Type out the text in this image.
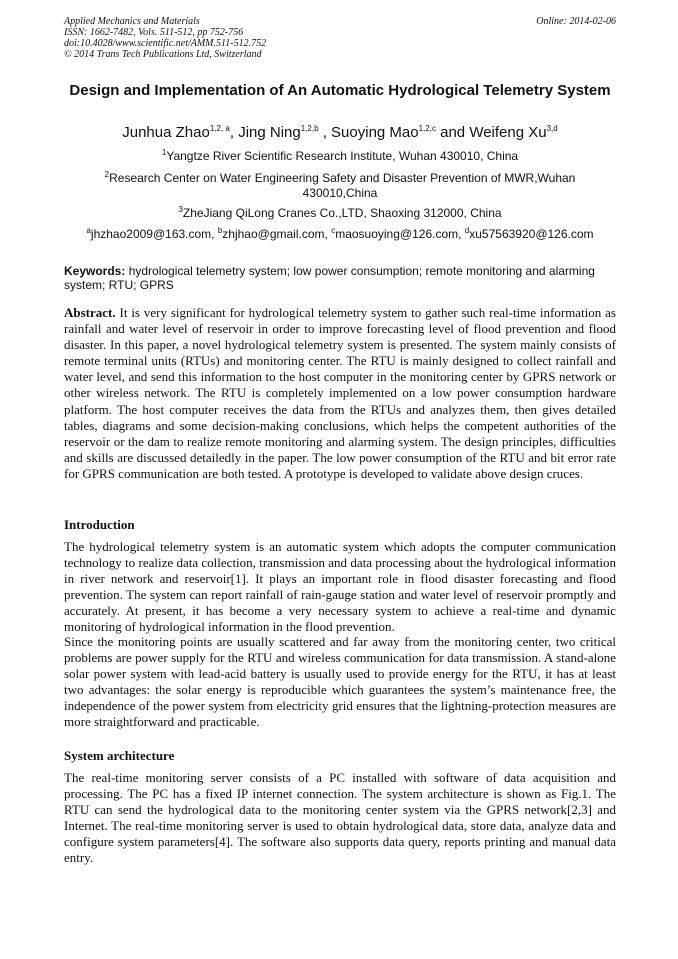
Applied Mechanics and Materials
ISSN: 1662-7482, Vols. 511-512, pp 752-756
doi:10.4028/www.scientific.net/AMM.511-512.752
© 2014 Trans Tech Publications Ltd, Switzerland
Online: 2014-02-06
Design and Implementation of An Automatic Hydrological Telemetry System
Junhua Zhao$^{1,2, a}$, Jing Ning$^{1,2,b}$ , Suoying Mao$^{1,2,c}$ and Weifeng Xu$^{3,d}$
$^1$Yangtze River Scientific Research Institute, Wuhan 430010, China
$^2$Research Center on Water Engineering Safety and Disaster Prevention of MWR,Wuhan 430010,China
$^3$ZheJiang QiLong Cranes Co.,LTD, Shaoxing 312000, China
$^a$jhzhao2009@163.com, $^b$zhjhao@gmail.com, $^c$maosuoying@126.com, $^d$xu57563920@126.com
Keywords: hydrological telemetry system; low power consumption; remote monitoring and alarming system; RTU; GPRS
Abstract. It is very significant for hydrological telemetry system to gather such real-time information as rainfall and water level of reservoir in order to improve forecasting level of flood prevention and flood disaster. In this paper, a novel hydrological telemetry system is presented. The system mainly consists of remote terminal units (RTUs) and monitoring center. The RTU is mainly designed to collect rainfall and water level, and send this information to the host computer in the monitoring center by GPRS network or other wireless network. The RTU is completely implemented on a low power consumption hardware platform. The host computer receives the data from the RTUs and analyzes them, then gives detailed tables, diagrams and some decision-making conclusions, which helps the competent authorities of the reservoir or the dam to realize remote monitoring and alarming system. The design principles, difficulties and skills are discussed detailedly in the paper. The low power consumption of the RTU and bit error rate for GPRS communication are both tested. A prototype is developed to validate above design cruces.
Introduction
The hydrological telemetry system is an automatic system which adopts the computer communication technology to realize data collection, transmission and data processing about the hydrological information in river network and reservoir[1]. It plays an important role in flood disaster forecasting and flood prevention. The system can report rainfall of rain-gauge station and water level of reservoir promptly and accurately. At present, it has become a very necessary system to achieve a real-time and dynamic monitoring of hydrological information in the flood prevention.
Since the monitoring points are usually scattered and far away from the monitoring center, two critical problems are power supply for the RTU and wireless communication for data transmission. A stand-alone solar power system with lead-acid battery is usually used to provide energy for the RTU, it has at least two advantages: the solar energy is reproducible which guarantees the system’s maintenance free, the independence of the power system from electricity grid ensures that the lightning-protection measures are more straightforward and practicable.
System architecture
The real-time monitoring server consists of a PC installed with software of data acquisition and processing. The PC has a fixed IP internet connection. The system architecture is shown as Fig.1. The RTU can send the hydrological data to the monitoring center system via the GPRS network[2,3] and Internet. The real-time monitoring server is used to obtain hydrological data, store data, analyze data and configure system parameters[4]. The software also supports data query, reports printing and manual data entry.
